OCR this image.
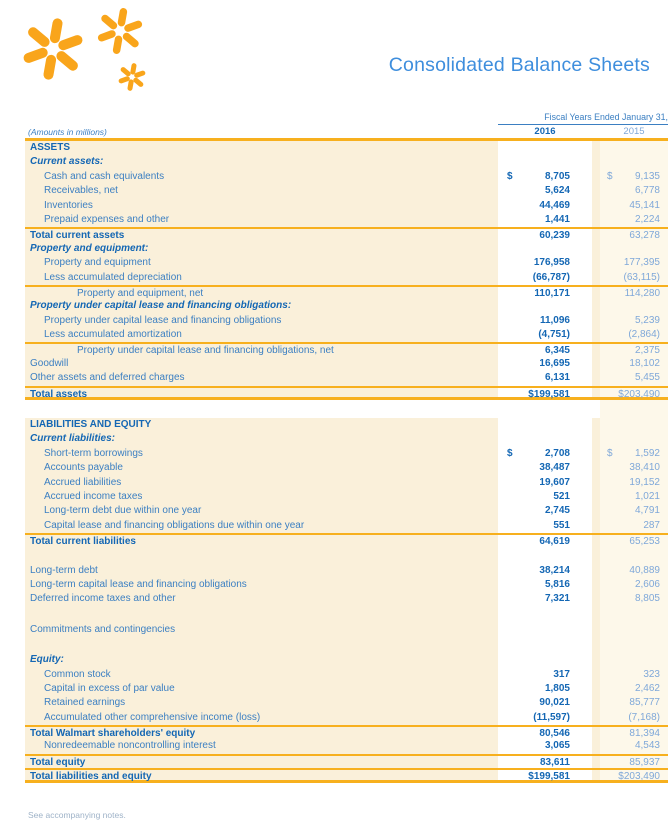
Consolidated Balance Sheets
Fiscal Years Ended January 31,
(Amounts in millions)	2016	2015
ASSETS
Current assets:
Cash and cash equivalents	$	8,705	$ 9,135
Receivables, net	5,624	6,778
Inventories	44,469	45,141
Prepaid expenses and other	1,441	2,224
Total current assets	60,239	63,278
Property and equipment:
Property and equipment	176,958	177,395
Less accumulated depreciation	(66,787)	(63,115)
Property and equipment, net	110,171	114,280
Property under capital lease and financing obligations:
Property under capital lease and financing obligations	11,096	5,239
Less accumulated amortization	(4,751)	(2,864)
Property under capital lease and financing obligations, net	6,345	2,375
Goodwill	16,695	18,102
Other assets and deferred charges	6,131	5,455
Total assets	$199,581	$203,490
LIABILITIES AND EQUITY
Current liabilities:
Short-term borrowings	$	2,708	$ 1,592
Accounts payable	38,487	38,410
Accrued liabilities	19,607	19,152
Accrued income taxes	521	1,021
Long-term debt due within one year	2,745	4,791
Capital lease and financing obligations due within one year	551	287
Total current liabilities	64,619	65,253
Long-term debt	38,214	40,889
Long-term capital lease and financing obligations	5,816	2,606
Deferred income taxes and other	7,321	8,805
Commitments and contingencies
Equity:
Common stock	317	323
Capital in excess of par value	1,805	2,462
Retained earnings	90,021	85,777
Accumulated other comprehensive income (loss)	(11,597)	(7,168)
Total Walmart shareholders' equity	80,546	81,394
Nonredeemable noncontrolling interest	3,065	4,543
Total equity	83,611	85,937
Total liabilities and equity	$199,581	$203,490
See accompanying notes.
